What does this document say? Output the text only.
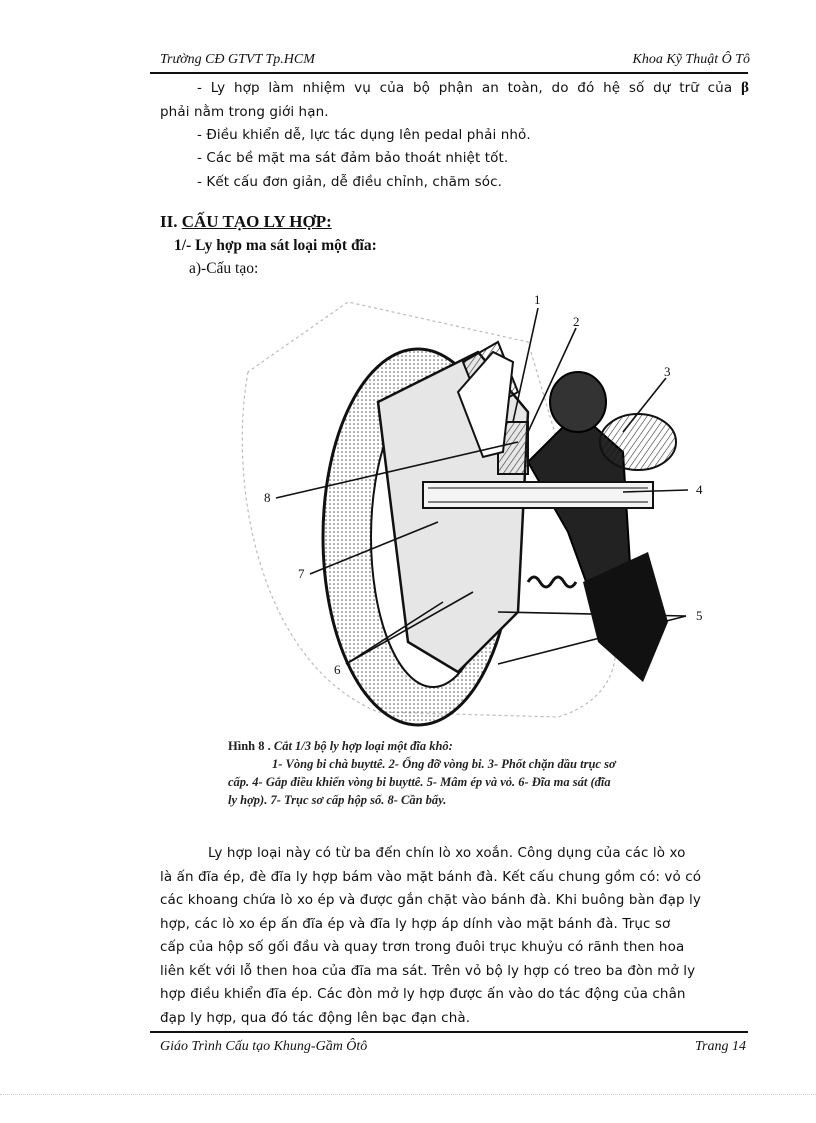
Trường CĐ GTVT Tp.HCM	Khoa Kỹ Thuật Ô Tô
- Ly hợp làm nhiệm vụ của bộ phận an toàn, do đó hệ số dự trữ của β
phải nằm trong giới hạn.
- Điều khiển dễ, lực tác dụng lên pedal phải nhỏ.
- Các bề mặt ma sát đảm bảo thoát nhiệt tốt.
- Kết cấu đơn giản, dễ điều chỉnh, chăm sóc.
II. CẤU TẠO LY HỢP:
1/- Ly hợp ma sát loại một đĩa:
a)-Cấu tạo:
1
2
3
4
5
6
7
8
Hình 8 . Cắt 1/3 bộ ly hợp loại một đĩa khô:
1- Vòng bi chà buyttê. 2- Ống đỡ vòng bi. 3- Phốt chặn dầu trục sơ
cấp. 4- Gắp điều khiển vòng bi buyttê. 5- Mâm ép và vỏ. 6- Đĩa ma sát (đĩa
ly hợp). 7- Trục sơ cấp hộp số. 8- Cần bẩy.
Ly hợp loại này có từ ba đến chín lò xo xoắn. Công dụng của các lò xo
là ấn đĩa ép, đè đĩa ly hợp bám vào mặt bánh đà. Kết cấu chung gồm có: vỏ có
các khoang chứa lò xo ép và được gắn chặt vào bánh đà. Khi buông bàn đạp ly
hợp, các lò xo ép ấn đĩa ép và đĩa ly hợp áp dính vào mặt bánh đà. Trục sơ
cấp của hộp số gối đầu và quay trơn trong đuôi trục khuỷu có rãnh then hoa
liên kết với lỗ then hoa của đĩa ma sát. Trên vỏ bộ ly hợp có treo ba đòn mở ly
hợp điều khiển đĩa ép. Các đòn mở ly hợp được ấn vào do tác động của chân
đạp ly hợp, qua đó tác động lên bạc đạn chà.
Giáo Trình Cấu tạo Khung-Gầm Ôtô	Trang 14
